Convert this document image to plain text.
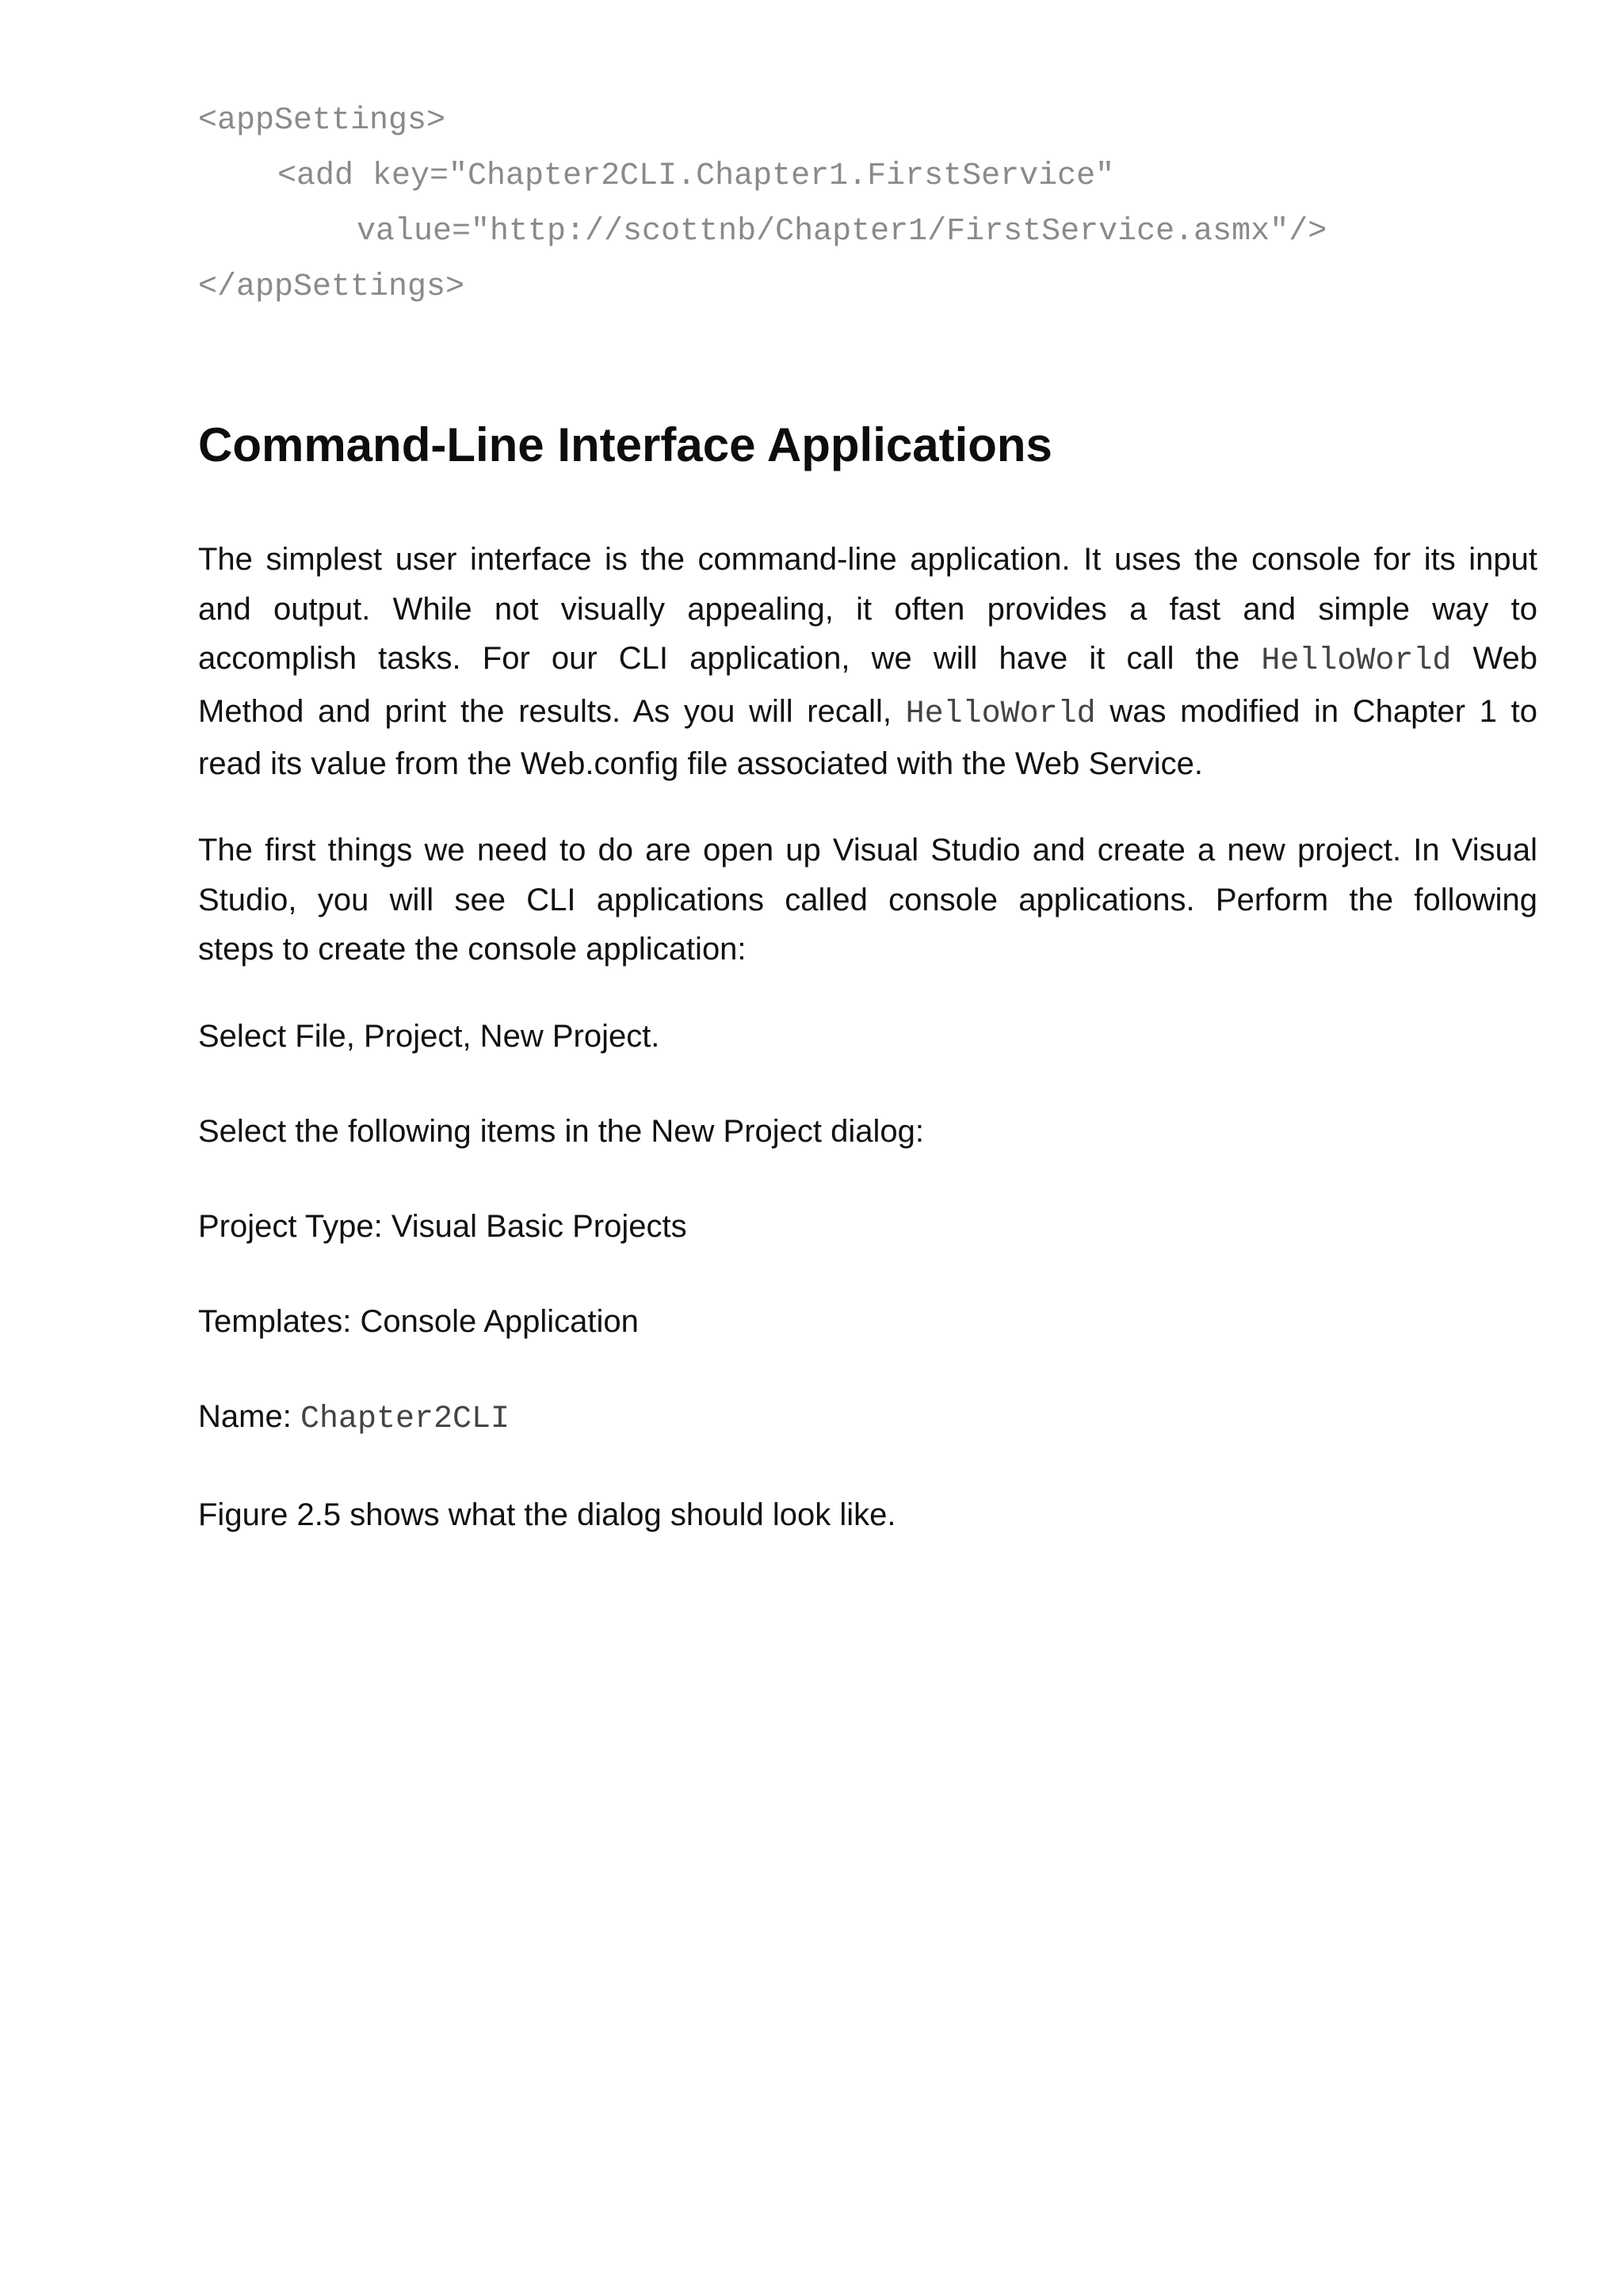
<appSettings>
<add key="Chapter2CLI.Chapter1.FirstService"
value="http://scottnb/Chapter1/FirstService.asmx"/>
</appSettings>
Command-Line Interface Applications
The simplest user interface is the command-line application. It uses the console for its input
and output. While not visually appealing, it often provides a fast and simple way to
accomplish tasks. For our CLI application, we will have it call the HelloWorld Web
Method and print the results. As you will recall, HelloWorld was modified in Chapter 1 to
read its value from the Web.config file associated with the Web Service.
The first things we need to do are open up Visual Studio and create a new project. In Visual
Studio, you will see CLI applications called console applications. Perform the following
steps to create the console application:

Select File, Project, New Project.

Select the following items in the New Project dialog:

Project Type: Visual Basic Projects

Templates: Console Application

Name: Chapter2CLI

Figure 2.5 shows what the dialog should look like.
